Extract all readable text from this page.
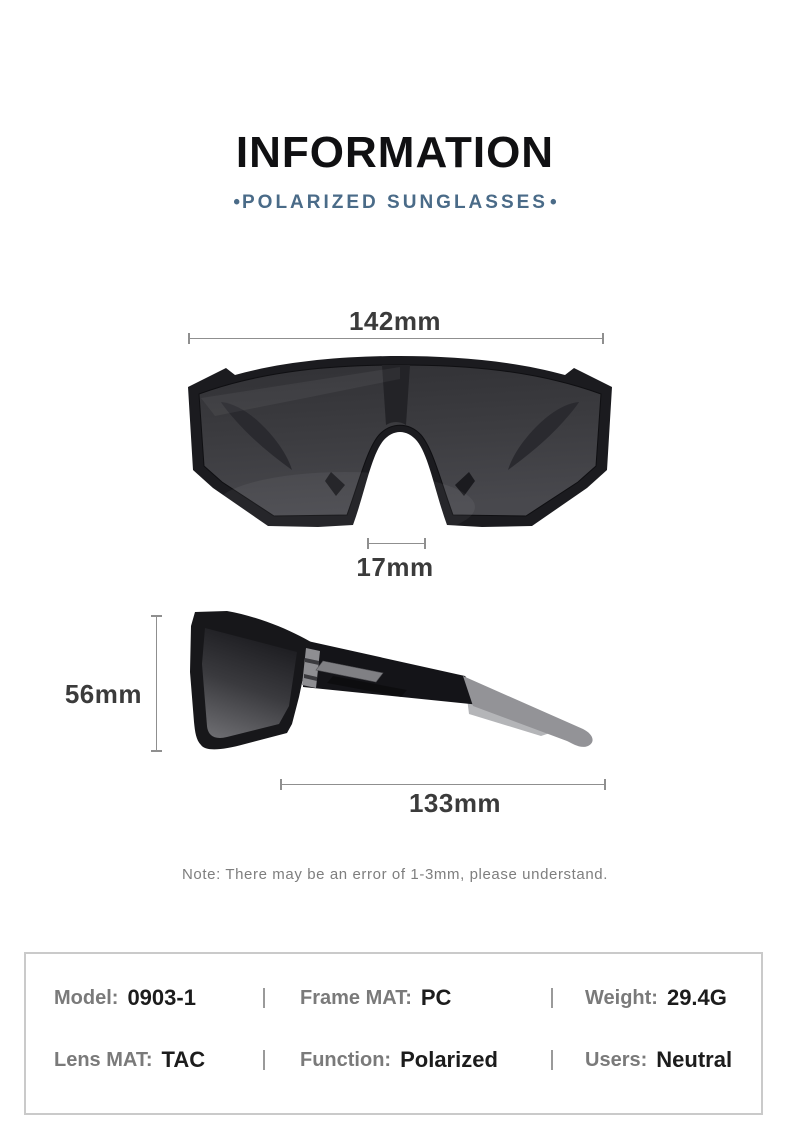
INFORMATION
• POLARIZED SUNGLASSES •
142mm
17mm
56mm
133mm
Note: There may be an error of 1-3mm, please understand.
Model: 0903-1	Frame MAT: PC	Weight: 29.4G
Lens MAT: TAC	Function: Polarized	Users: Neutral
